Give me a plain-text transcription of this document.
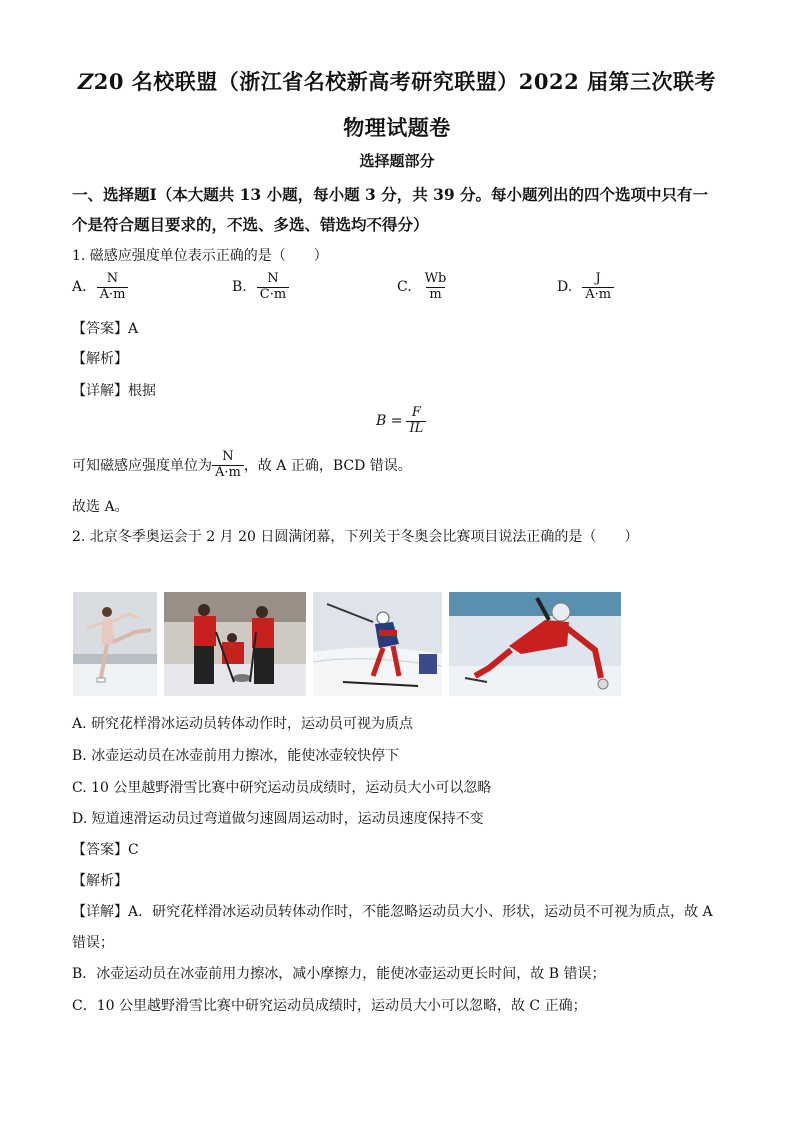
Z20 名校联盟（浙江省名校新高考研究联盟）2022 届第三次联考
物理试题卷
选择题部分
一、选择题Ⅰ（本大题共 13 小题，每小题 3 分，共 39 分。每小题列出的四个选项中只有一
个是符合题目要求的，不选、多选、错选均不得分）
1. 磁感应强度单位表示正确的是（　　）
A. $\frac{N}{A\cdot m}$	B. $\frac{N}{C\cdot m}$	C. $\frac{Wb}{m}$	D. $\frac{J}{A\cdot m}$
【答案】A
【解析】
【详解】根据
$B = \frac{F}{IL}$
可知磁感应强度单位为 $\frac{N}{A\cdot m}$ ，故 A 正确，BCD 错误。
故选 A。
2. 北京冬季奥运会于 2 月 20 日圆满闭幕，下列关于冬奥会比赛项目说法正确的是（　　）
A. 研究花样滑冰运动员转体动作时，运动员可视为质点
B. 冰壶运动员在冰壶前用力擦冰，能使冰壶较快停下
C. 10 公里越野滑雪比赛中研究运动员成绩时，运动员大小可以忽略
D. 短道速滑运动员过弯道做匀速圆周运动时，运动员速度保持不变
【答案】C
【解析】
【详解】A．研究花样滑冰运动员转体动作时，不能忽略运动员大小、形状，运动员不可视为质点，故 A
错误；
B．冰壶运动员在冰壶前用力擦冰，减小摩擦力，能使冰壶运动更长时间，故 B 错误；
C．10 公里越野滑雪比赛中研究运动员成绩时，运动员大小可以忽略，故 C 正确；
